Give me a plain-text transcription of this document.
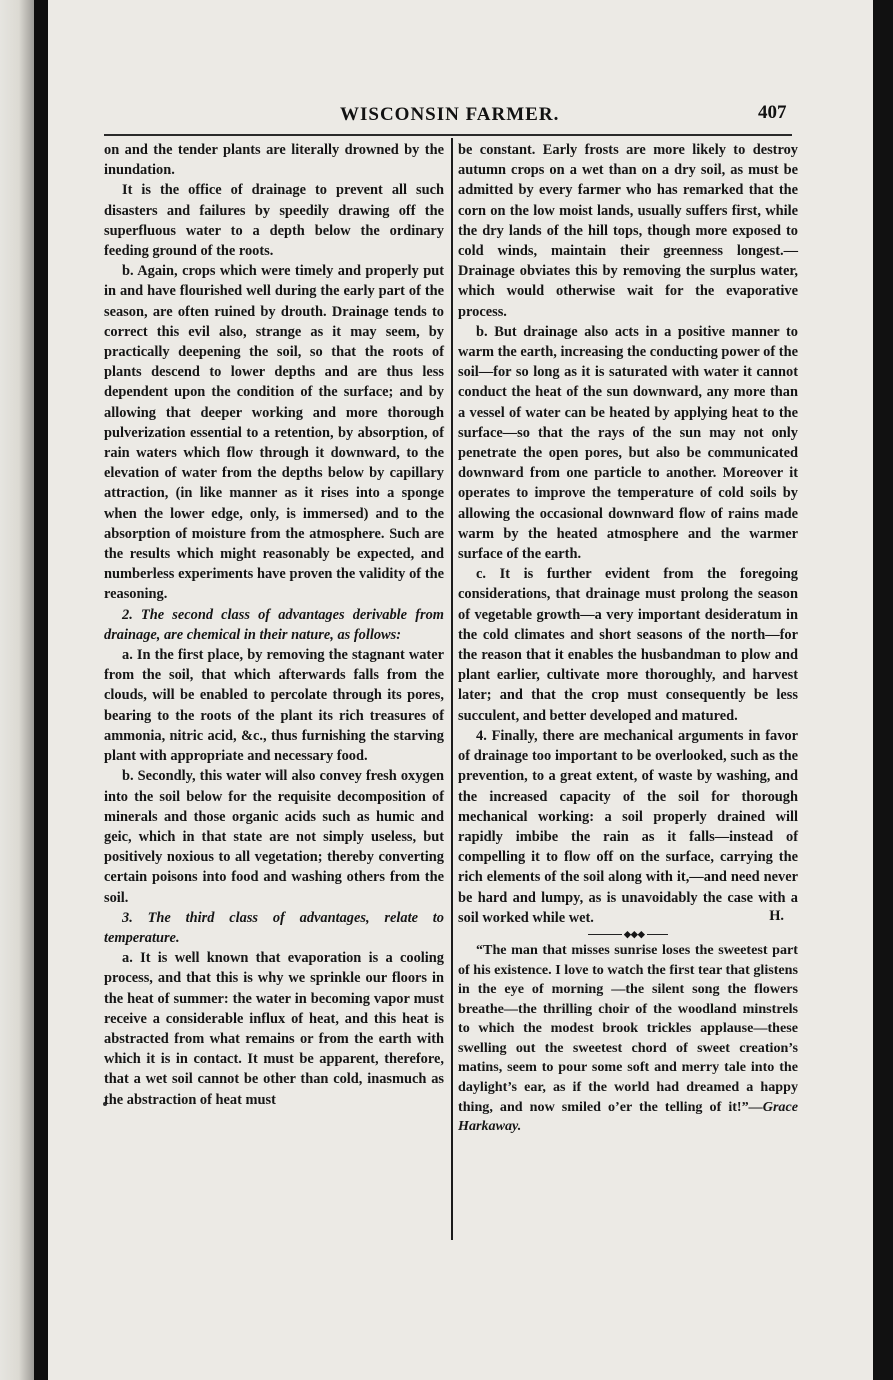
WISCONSIN FARMER.	407

on and the tender plants are literally drowned by the inundation.

It is the office of drainage to prevent all such disasters and failures by speedily drawing off the superfluous water to a depth below the ordinary feeding ground of the roots.

b. Again, crops which were timely and properly put in and have flourished well during the early part of the season, are often ruined by drouth. Drainage tends to correct this evil also, strange as it may seem, by practically deepening the soil, so that the roots of plants descend to lower depths and are thus less dependent upon the condition of the surface; and by allowing that deeper working and more thorough pulverization essential to a retention, by absorption, of rain waters which flow through it downward, to the elevation of water from the depths below by capillary attraction, (in like manner as it rises into a sponge when the lower edge, only, is immersed) and to the absorption of moisture from the atmosphere. Such are the results which might reasonably be expected, and numberless experiments have proven the validity of the reasoning.

2. The second class of advantages derivable from drainage, are chemical in their nature, as follows:

a. In the first place, by removing the stagnant water from the soil, that which afterwards falls from the clouds, will be enabled to percolate through its pores, bearing to the roots of the plant its rich treasures of ammonia, nitric acid, &c., thus furnishing the starving plant with appropriate and necessary food.

b. Secondly, this water will also convey fresh oxygen into the soil below for the requisite decomposition of minerals and those organic acids such as humic and geic, which in that state are not simply useless, but positively noxious to all vegetation; thereby converting certain poisons into food and washing others from the soil.

3. The third class of advantages, relate to temperature.

a. It is well known that evaporation is a cooling process, and that this is why we sprinkle our floors in the heat of summer: the water in becoming vapor must receive a considerable influx of heat, and this heat is abstracted from what remains or from the earth with which it is in contact. It must be apparent, therefore, that a wet soil cannot be other than cold, inasmuch as the abstraction of heat must

be constant. Early frosts are more likely to destroy autumn crops on a wet than on a dry soil, as must be admitted by every farmer who has remarked that the corn on the low moist lands, usually suffers first, while the dry lands of the hill tops, though more exposed to cold winds, maintain their greenness longest.—Drainage obviates this by removing the surplus water, which would otherwise wait for the evaporative process.

b. But drainage also acts in a positive manner to warm the earth, increasing the conducting power of the soil—for so long as it is saturated with water it cannot conduct the heat of the sun downward, any more than a vessel of water can be heated by applying heat to the surface—so that the rays of the sun may not only penetrate the open pores, but also be communicated downward from one particle to another. Moreover it operates to improve the temperature of cold soils by allowing the occasional downward flow of rains made warm by the heated atmosphere and the warmer surface of the earth.

c. It is further evident from the foregoing considerations, that drainage must prolong the season of vegetable growth—a very important desideratum in the cold climates and short seasons of the north—for the reason that it enables the husbandman to plow and plant earlier, cultivate more thoroughly, and harvest later; and that the crop must consequently be less succulent, and better developed and matured.

4. Finally, there are mechanical arguments in favor of drainage too important to be overlooked, such as the prevention, to a great extent, of waste by washing, and the increased capacity of the soil for thorough mechanical working: a soil properly drained will rapidly imbibe the rain as it falls—instead of compelling it to flow off on the surface, carrying the rich elements of the soil along with it,—and need never be hard and lumpy, as is unavoidably the case with a soil worked while wet.	H.
◆◆◆

“The man that misses sunrise loses the sweetest part of his existence. I love to watch the first tear that glistens in the eye of morning —the silent song the flowers breathe—the thrilling choir of the woodland minstrels to which the modest brook trickles applause—these swelling out the sweetest chord of sweet creation’s matins, seem to pour some soft and merry tale into the daylight’s ear, as if the world had dreamed a happy thing, and now smiled o’er the telling of it!”—Grace Harkaway.
